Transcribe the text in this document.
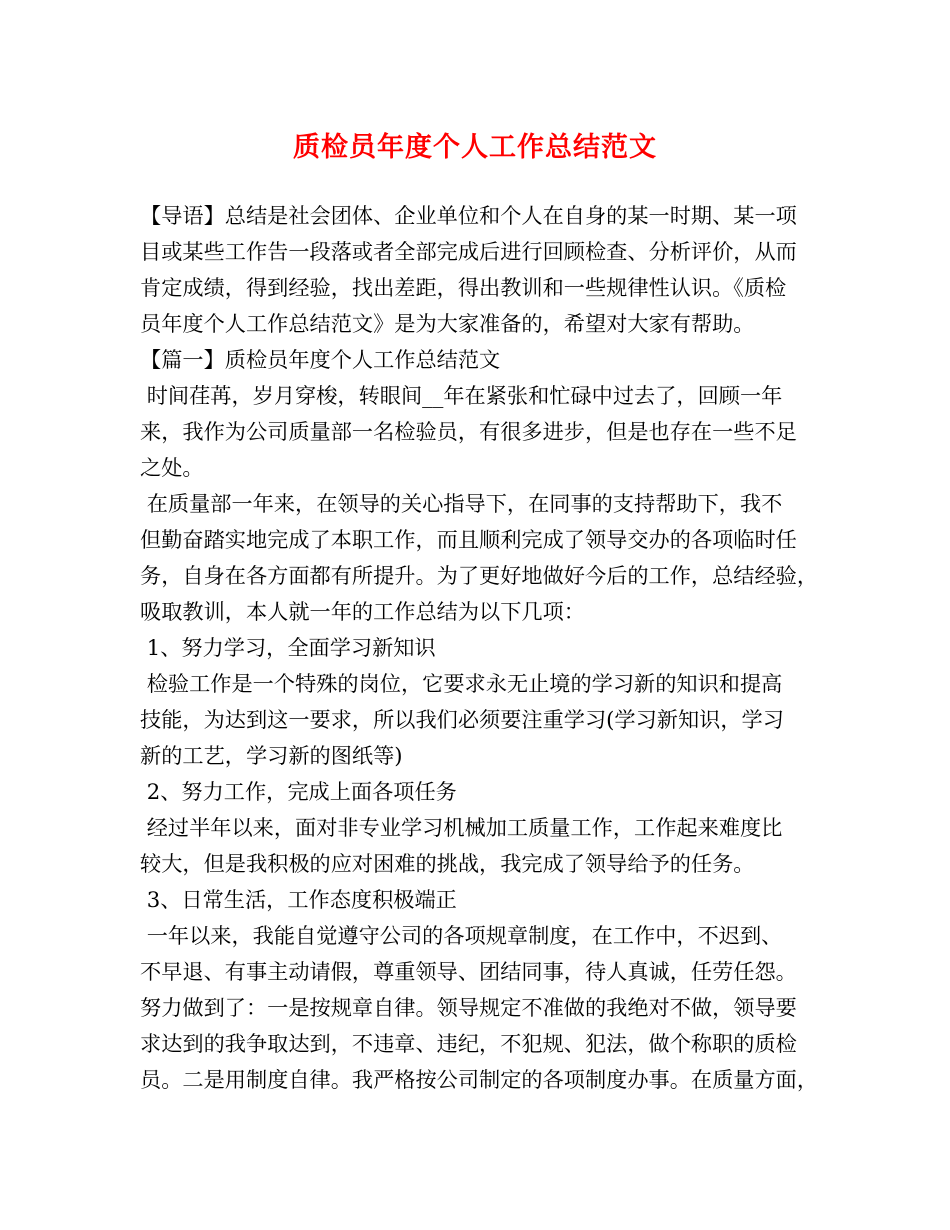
质检员年度个人工作总结范文
【导语】总结是社会团体、企业单位和个人在自身的某一时期、某一项
目或某些工作告一段落或者全部完成后进行回顾检查、分析评价，从而
肯定成绩，得到经验，找出差距，得出教训和一些规律性认识。《质检
员年度个人工作总结范文》是为大家准备的，希望对大家有帮助。
【篇一】质检员年度个人工作总结范文
时间荏苒，岁月穿梭，转眼间__年在紧张和忙碌中过去了，回顾一年
来，我作为公司质量部一名检验员，有很多进步，但是也存在一些不足
之处。
在质量部一年来，在领导的关心指导下，在同事的支持帮助下，我不
但勤奋踏实地完成了本职工作，而且顺利完成了领导交办的各项临时任
务，自身在各方面都有所提升。为了更好地做好今后的工作，总结经验，
吸取教训，本人就一年的工作总结为以下几项：
1、努力学习，全面学习新知识
检验工作是一个特殊的岗位，它要求永无止境的学习新的知识和提高
技能，为达到这一要求，所以我们必须要注重学习(学习新知识，学习
新的工艺，学习新的图纸等)
2、努力工作，完成上面各项任务
经过半年以来，面对非专业学习机械加工质量工作，工作起来难度比
较大，但是我积极的应对困难的挑战，我完成了领导给予的任务。
3、日常生活，工作态度积极端正
一年以来，我能自觉遵守公司的各项规章制度，在工作中，不迟到、
不早退、有事主动请假，尊重领导、团结同事，待人真诚，任劳任怨。
努力做到了：一是按规章自律。领导规定不准做的我绝对不做，领导要
求达到的我争取达到，不违章、违纪，不犯规、犯法，做个称职的质检
员。二是用制度自律。我严格按公司制定的各项制度办事。在质量方面，
